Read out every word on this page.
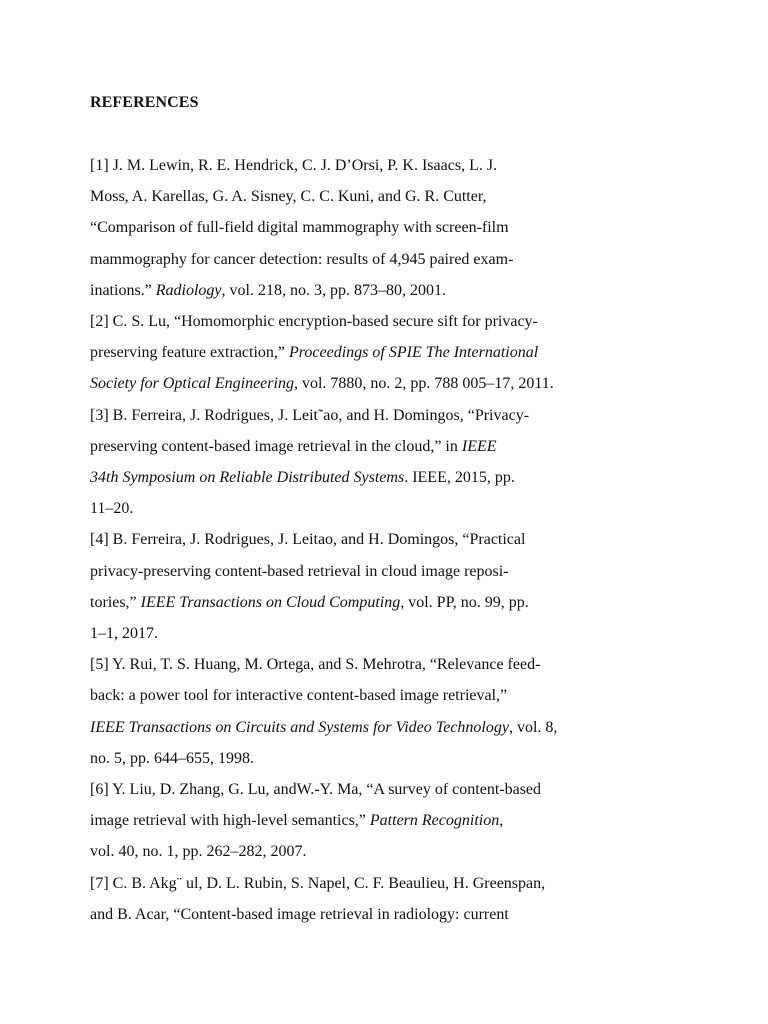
REFERENCES
[1] J. M. Lewin, R. E. Hendrick, C. J. D’Orsi, P. K. Isaacs, L. J.
Moss, A. Karellas, G. A. Sisney, C. C. Kuni, and G. R. Cutter,
“Comparison of full-field digital mammography with screen-film
mammography for cancer detection: results of 4,945 paired exam-
inations.” Radiology, vol. 218, no. 3, pp. 873–80, 2001.
[2] C. S. Lu, “Homomorphic encryption-based secure sift for privacy-
preserving feature extraction,” Proceedings of SPIE The International
Society for Optical Engineering, vol. 7880, no. 2, pp. 788 005–17, 2011.
[3] B. Ferreira, J. Rodrigues, J. Leit˜ao, and H. Domingos, “Privacy-
preserving content-based image retrieval in the cloud,” in IEEE
34th Symposium on Reliable Distributed Systems. IEEE, 2015, pp.
11–20.
[4] B. Ferreira, J. Rodrigues, J. Leitao, and H. Domingos, “Practical
privacy-preserving content-based retrieval in cloud image reposi-
tories,” IEEE Transactions on Cloud Computing, vol. PP, no. 99, pp.
1–1, 2017.
[5] Y. Rui, T. S. Huang, M. Ortega, and S. Mehrotra, “Relevance feed-
back: a power tool for interactive content-based image retrieval,”
IEEE Transactions on Circuits and Systems for Video Technology, vol. 8,
no. 5, pp. 644–655, 1998.
[6] Y. Liu, D. Zhang, G. Lu, andW.-Y. Ma, “A survey of content-based
image retrieval with high-level semantics,” Pattern Recognition,
vol. 40, no. 1, pp. 262–282, 2007.
[7] C. B. Akg¨ ul, D. L. Rubin, S. Napel, C. F. Beaulieu, H. Greenspan,
and B. Acar, “Content-based image retrieval in radiology: current
